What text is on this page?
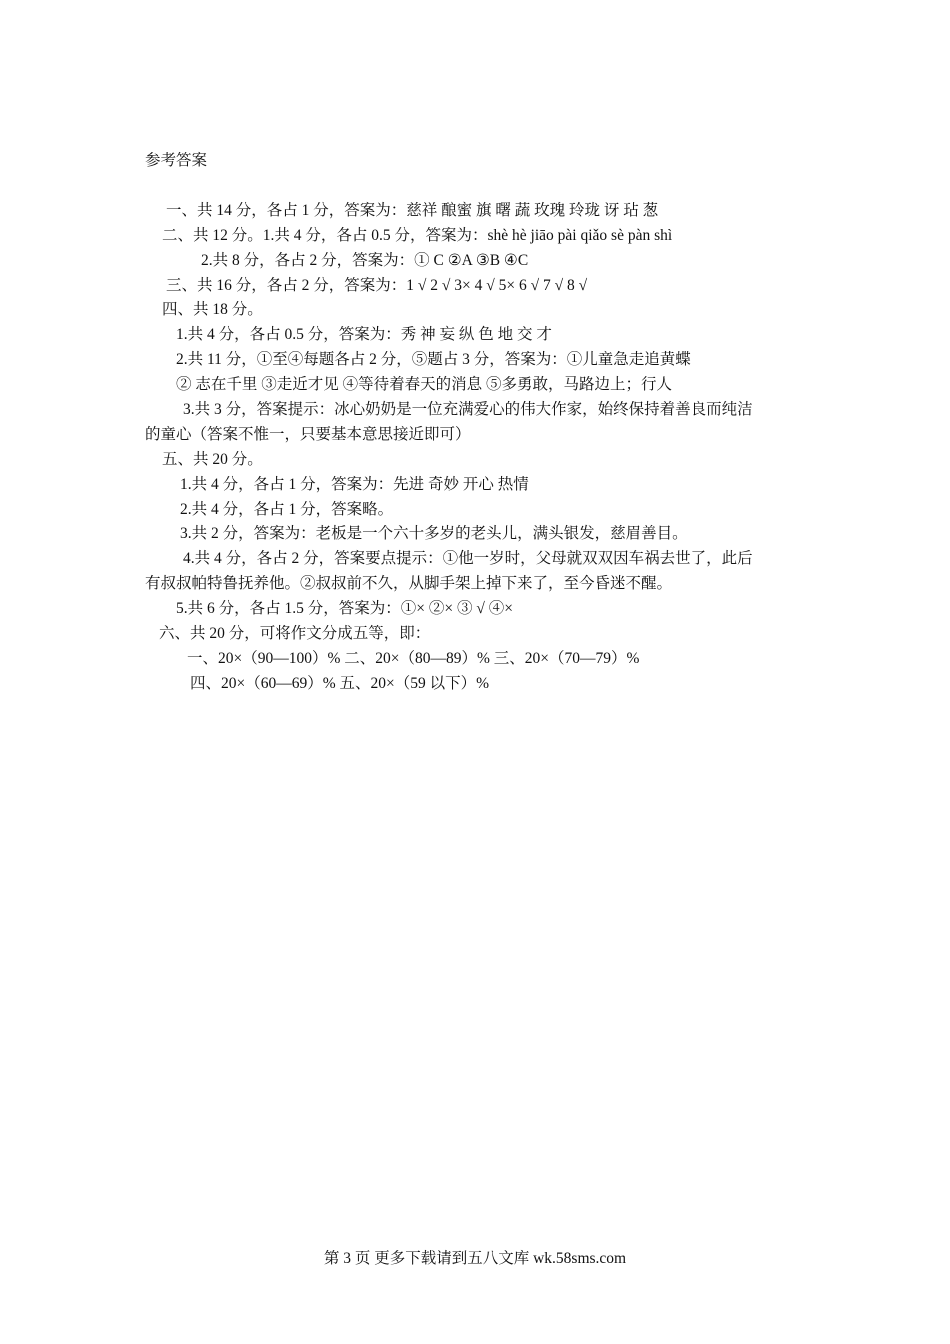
参考答案
一、共 14 分，各占 1 分，答案为：慈祥 酿蜜 旗 曙 蔬 玫瑰 玲珑 讶 玷 葱
二、共 12 分。1.共 4 分，各占 0.5 分，答案为：shè hè jiāo pài qiǎo sè pàn shì
2.共 8 分，各占 2 分，答案为：① C ②A ③B ④C
三、共 16 分，各占 2 分，答案为：1 √ 2 √ 3× 4 √ 5× 6 √ 7 √ 8 √
四、共 18 分。
1.共 4 分，各占 0.5 分，答案为：秀 神 妄 纵 色 地 交 才
2.共 11 分，①至④每题各占 2 分，⑤题占 3 分，答案为：①儿童急走追黄蝶
② 志在千里 ③走近才见 ④等待着春天的消息 ⑤多勇敢，马路边上；行人
3.共 3 分，答案提示：冰心奶奶是一位充满爱心的伟大作家，始终保持着善良而纯洁
的童心（答案不惟一，只要基本意思接近即可）
五、共 20 分。
1.共 4 分，各占 1 分，答案为：先进 奇妙 开心 热情
2.共 4 分，各占 1 分，答案略。
3.共 2 分，答案为：老板是一个六十多岁的老头儿，满头银发，慈眉善目。
4.共 4 分，各占 2 分，答案要点提示：①他一岁时，父母就双双因车祸去世了，此后
有叔叔帕特鲁抚养他。②叔叔前不久，从脚手架上掉下来了，至今昏迷不醒。
5.共 6 分，各占 1.5 分，答案为：①× ②× ③ √ ④×
六、共 20 分，可将作文分成五等，即：
一、20×（90—100）% 二、20×（80—89）% 三、20×（70—79）%
四、20×（60—69）% 五、20×（59 以下）%
第 3 页 更多下载请到五八文库 wk.58sms.com
